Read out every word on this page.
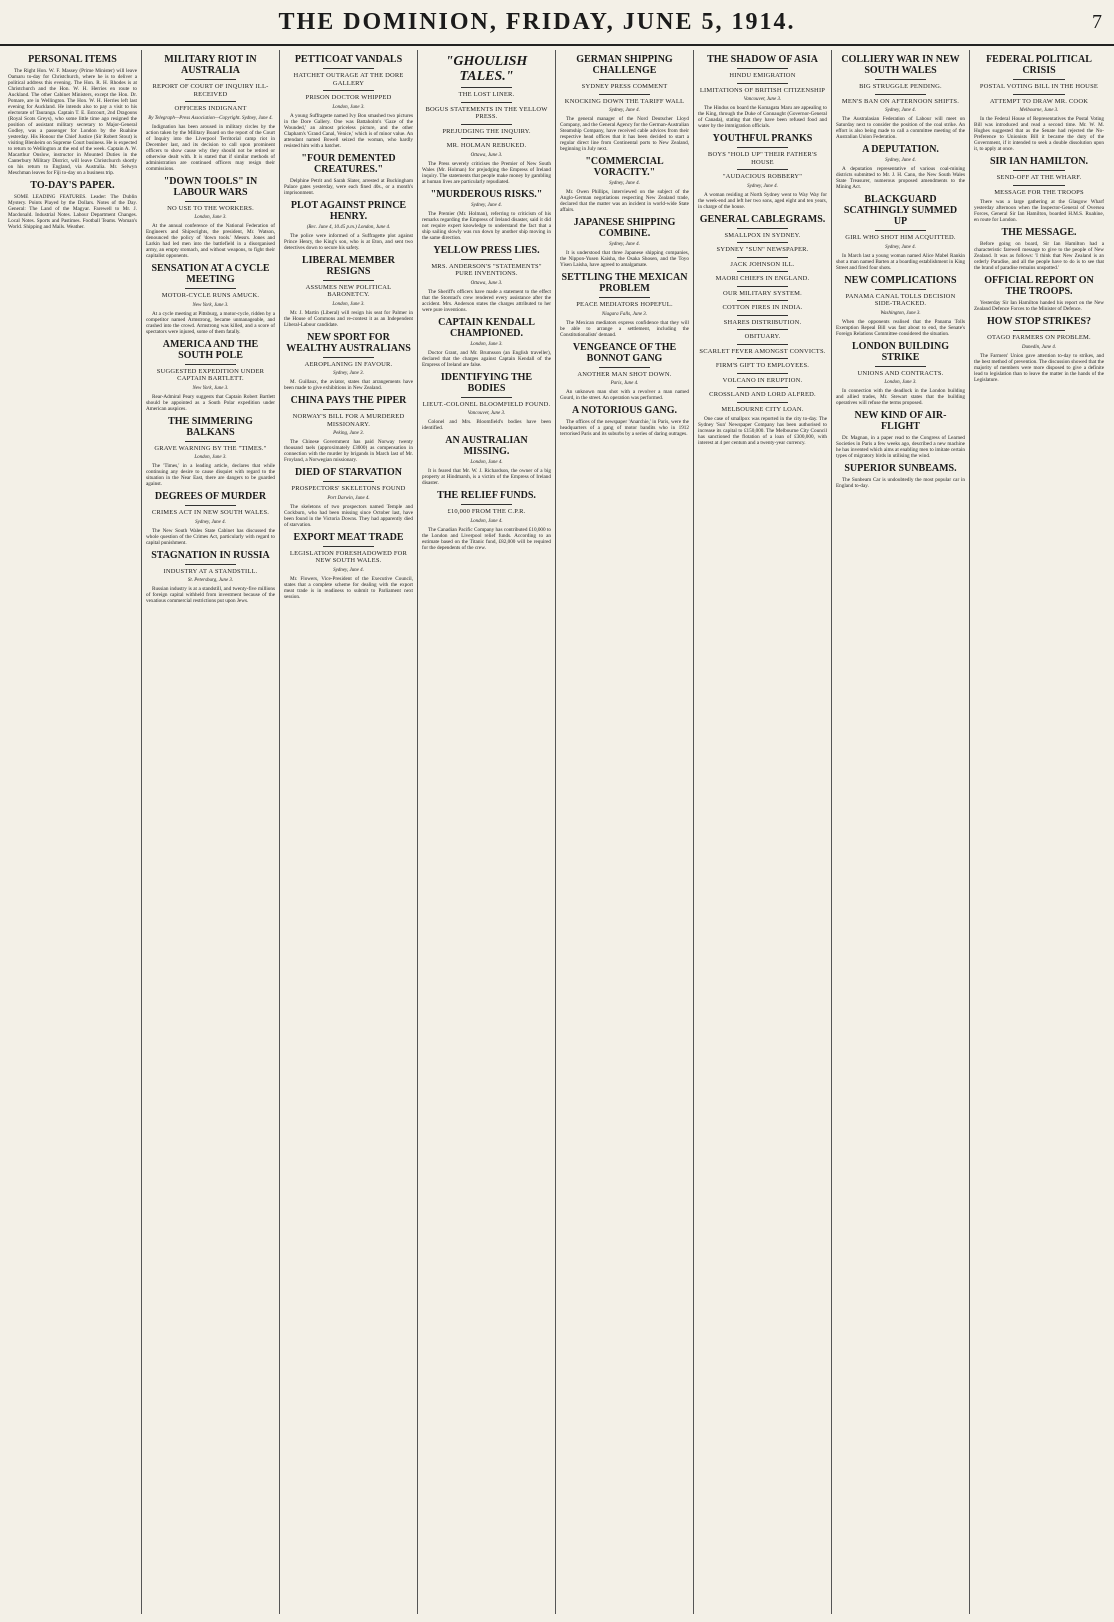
THE DOMINION, FRIDAY, JUNE 5, 1914.	7
PERSONAL ITEMS

The Right Hon. W. F. Massey (Prime Minister) will leave Oamaru to-day for Christchurch, where he is to deliver a political address this evening. The Hon. R. H. Rhodes is at Christchurch and the Hon. W. H. Herries en route to Auckland. The other Cabinet Ministers, except the Hon. Dr. Pomare, are in Wellington. The Hon. W. H. Herries left last evening for Auckland. He intends also to pay a visit to his electorate of Tauranga. Captain T. E. Estcourt, 2nd Dragoons (Royal Scots Greys), who some little time ago resigned the position of assistant military secretary to Major-General Godley, was a passenger for London by the Ruahine yesterday. His Honour the Chief Justice (Sir Robert Stout) is visiting Blenheim on Supreme Court business. He is expected to return to Wellington at the end of the week. Captain A. W. Macarthur Onslow, instructor in Mounted Duties in the Canterbury Military District, will leave Christchurch shortly on his return to England, via Australia. Mr. Selwyn Meschman leaves for Fiji to-day on a business trip.

TO-DAY'S PAPER.

SOME LEADING FEATURES. Leader: The Dublin Mystery. Points Played by the Dollars. Notes of the Day. General: The Land of the Magyar. Farewell to Mr. J. Macdonald. Industrial Notes. Labour Department Changes. Local Notes. Sports and Pastimes. Football Teams. Woman's World. Shipping and Mails. Weather.

MILITARY RIOT IN AUSTRALIA
REPORT OF COURT OF INQUIRY ILL-RECEIVED
OFFICERS INDIGNANT
By Telegraph—Press Association—Copyright. Sydney, June 4.

Indignation has been aroused in military circles by the action taken by the Military Board on the report of the Court of Inquiry into the Liverpool Territorial camp riot in December last, and its decision to call upon prominent officers to show cause why they should not be retired or otherwise dealt with. It is stated that if similar methods of administration are continued officers may resign their commissions.

"DOWN TOOLS" IN LABOUR WARS
NO USE TO THE WORKERS.
London, June 3.

At the annual conference of the National Federation of Engineers and Shipwrights, the president, Mr. Watson, denounced the policy of 'down tools.' Messrs. Jones and Larkin had led men into the battlefield in a disorganised army, an empty stomach, and without weapons, to fight their capitalist opponents.

SENSATION AT A CYCLE MEETING
MOTOR-CYCLE RUNS AMUCK.
New York, June 3.

At a cycle meeting at Pittsburg, a motor-cycle, ridden by a competitor named Armstrong, became unmanageable, and crashed into the crowd. Armstrong was killed, and a score of spectators were injured, some of them fatally.

AMERICA AND THE SOUTH POLE
SUGGESTED EXPEDITION UNDER CAPTAIN BARTLETT.
New York, June 3.

Rear-Admiral Peary suggests that Captain Robert Bartlett should be appointed as a South Polar expedition under American auspices.

THE SIMMERING BALKANS
GRAVE WARNING BY THE "TIMES."
London, June 3.

The 'Times,' in a leading article, declares that while continuing any desire to cause disquiet with regard to the situation in the Near East, there are dangers to be guarded against.

DEGREES OF MURDER
CRIMES ACT IN NEW SOUTH WALES.
Sydney, June 4.

The New South Wales State Cabinet has discussed the whole question of the Crimes Act, particularly with regard to capital punishment.

STAGNATION IN RUSSIA
INDUSTRY AT A STANDSTILL.
St. Petersburg, June 3.

Russian industry is at a standstill, and twenty-five millions of foreign capital withheld from investment because of the vexatious commercial restrictions put upon Jews.

PETTICOAT VANDALS
HATCHET OUTRAGE AT THE DORE GALLERY
PRISON DOCTOR WHIPPED
London, June 3.

A young Suffragette named Ivy Bon smashed two pictures in the Dore Gallery. One was Battaholm's 'Gaze of the Wounded,' an almost priceless picture, and the other Clapham's 'Grand Canal, Venice,' which is of minor value. An attendant named Bowell seized the woman, who hardly resisted him with a hatchet.

"FOUR DEMENTED CREATURES."

Delphine Petrit and Sarah Slater, arrested at Buckingham Palace gates yesterday, were each fined 40s., or a month's imprisonment.

PLOT AGAINST PRINCE HENRY.
(Rec. June 4, 10.45 p.m.) London, June 4.

The police were informed of a Suffragette plot against Prince Henry, the King's son, who is at Eton, and sent two detectives down to secure his safety.

LIBERAL MEMBER RESIGNS
ASSUMES NEW POLITICAL BARONETCY.
London, June 3.

Mr. J. Martin (Liberal) will resign his seat for Palmer in the House of Commons and re-contest it as an Independent Liberal-Labour candidate.

NEW SPORT FOR WEALTHY AUSTRALIANS
AEROPLANING IN FAVOUR.
Sydney, June 3.

M. Guillaux, the aviator, states that arrangements have been made to give exhibitions in New Zealand.

CHINA PAYS THE PIPER
NORWAY'S BILL FOR A MURDERED MISSIONARY.
Peking, June 3.

The Chinese Government has paid Norway twenty thousand taels (approximately £3000) as compensation in connection with the murder by brigands in March last of Mr. Froyland, a Norwegian missionary.

DIED OF STARVATION
PROSPECTORS' SKELETONS FOUND
Port Darwin, June 4.

The skeletons of two prospectors named Temple and Cockburn, who had been missing since October last, have been found in the Victoria Downs. They had apparently died of starvation.

EXPORT MEAT TRADE
LEGISLATION FORESHADOWED FOR NEW SOUTH WALES.
Sydney, June 4.

Mr. Flowers, Vice-President of the Executive Council, states that a complete scheme for dealing with the export meat trade is in readiness to submit to Parliament next session.

"GHOULISH TALES."
THE LOST LINER.
BOGUS STATEMENTS IN THE YELLOW PRESS.
PREJUDGING THE INQUIRY.
MR. HOLMAN REBUKED.
Ottawa, June 3.

The Press severely criticises the Premier of New South Wales (Mr. Holman) for prejudging the Empress of Ireland inquiry. The statements that people make money by gambling at human lives are particularly repudiated.

"MURDEROUS RISKS."
Sydney, June 4.

The Premier (Mr. Holman), referring to criticism of his remarks regarding the Empress of Ireland disaster, said it did not require expert knowledge to understand the fact that a ship sailing slowly was run down by another ship moving in the same direction.

YELLOW PRESS LIES.
MRS. ANDERSON'S "STATEMENTS" PURE INVENTIONS.
Ottawa, June 3.

The Sheriff's officers have made a statement to the effect that the Storstad's crew rendered every assistance after the accident. Mrs. Anderson states the charges attributed to her were pure inventions.

CAPTAIN KENDALL CHAMPIONED.
London, June 3.

Doctor Grant, and Mr. Brumsson (an English traveller), declared that the charges against Captain Kendall of the Empress of Ireland are false.

IDENTIFYING THE BODIES
LIEUT.-COLONEL BLOOMFIELD FOUND.
Vancouver, June 3.

Colonel and Mrs. Bloomfield's bodies have been identified.

AN AUSTRALIAN MISSING.
London, June 4.

It is feared that Mr. W. J. Richardson, the owner of a big property at Hindmarsh, is a victim of the Empress of Ireland disaster.

THE RELIEF FUNDS.
£10,000 FROM THE C.P.R.
London, June 4.

The Canadian Pacific Company has contributed £10,000 to the London and Liverpool relief funds. According to an estimate based on the Titanic fund, £82,000 will be required for the dependents of the crew.

GERMAN SHIPPING CHALLENGE
SYDNEY PRESS COMMENT
KNOCKING DOWN THE TARIFF WALL
Sydney, June 4.

The general manager of the Nord Deutscher Lloyd Company, and the General Agency for the German-Australian Steamship Company, have received cable advices from their respective head offices that it has been decided to start a regular direct line from Continental ports to New Zealand, beginning in July next.

"COMMERCIAL VORACITY."
Sydney, June 4.

Mr. Owen Phillips, interviewed on the subject of the Anglo-German negotiations respecting New Zealand trade, declared that the matter was an incident in world-wide State affairs.

JAPANESE SHIPPING COMBINE.
Sydney, June 4.

It is understood that three Japanese shipping companies, the Nippon-Yusen Kaisha, the Osaka Shosen, and the Toyo Yisen Laisha, have agreed to amalgamate.

SETTLING THE MEXICAN PROBLEM
PEACE MEDIATORS HOPEFUL.
Niagara Falls, June 3.

The Mexican mediators express confidence that they will be able to arrange a settlement, including the Constitutionalists' demand.

VENGEANCE OF THE BONNOT GANG
ANOTHER MAN SHOT DOWN.
Paris, June 4.

An unknown man shot with a revolver a man named Gourd, in the street. An operation was performed.

A NOTORIOUS GANG.

The offices of the newspaper 'Anarchie,' in Paris, were the headquarters of a gang of motor bandits who in 1912 terrorised Paris and its suburbs by a series of daring outrages.

THE SHADOW OF ASIA
HINDU EMIGRATION
LIMITATIONS OF BRITISH CITIZENSHIP
Vancouver, June 3.

The Hindus on board the Komagata Maru are appealing to the King, through the Duke of Connaught (Governor-General of Canada), stating that they have been refused food and water by the immigration officials.

YOUTHFUL PRANKS
BOYS "HOLD UP" THEIR FATHER'S HOUSE
"AUDACIOUS ROBBERY"
Sydney, June 4.

A woman residing at North Sydney went to Way Way for the week-end and left her two sons, aged eight and ten years, in charge of the house.

GENERAL CABLEGRAMS.
SMALLPOX IN SYDNEY.
SYDNEY "SUN" NEWSPAPER.
JACK JOHNSON ILL.
MAORI CHIEFS IN ENGLAND.
OUR MILITARY SYSTEM.
COTTON FIRES IN INDIA.
SHARES DISTRIBUTION.
OBITUARY.
SCARLET FEVER AMONGST CONVICTS.
FIRM'S GIFT TO EMPLOYEES.
VOLCANO IN ERUPTION.
CROSSLAND AND LORD ALFRED.
MELBOURNE CITY LOAN.

One case of smallpox was reported in the city to-day. The Sydney 'Sun' Newspaper Company has been authorised to increase its capital to £150,000. The Melbourne City Council has sanctioned the flotation of a loan of £300,000, with interest at 4 per centum and a twenty-year currency.

COLLIERY WAR IN NEW SOUTH WALES
BIG STRUGGLE PENDING.
MEN'S BAN ON AFTERNOON SHIFTS.
Sydney, June 4.

The Australasian Federation of Labour will meet on Saturday next to consider the position of the coal strike. An effort is also being made to call a committee meeting of the Australian Union Federation.

A DEPUTATION.
Sydney, June 4.

A deputation representative of various coal-mining districts submitted to Mr. J. H. Cann, the New South Wales State Treasurer, numerous proposed amendments to the Mining Act.

BLACKGUARD SCATHINGLY SUMMED UP
GIRL WHO SHOT HIM ACQUITTED.
Sydney, June 4.

In March last a young woman named Alice Mabel Rankin shot a man named Barten at a boarding establishment in King Street and fired four shots.

NEW COMPLICATIONS
PANAMA CANAL TOLLS DECISION SIDE-TRACKED.
Washington, June 3.

When the opponents realised that the Panama Tolls Exemption Repeal Bill was fast about to end, the Senate's Foreign Relations Committee considered the situation.

LONDON BUILDING STRIKE
UNIONS AND CONTRACTS.
London, June 3.

In connection with the deadlock in the London building and allied trades, Mr. Stewart states that the building operatives will refuse the terms proposed.

NEW KIND OF AIR-FLIGHT

Dr. Magnan, in a paper read to the Congress of Learned Societies in Paris a few weeks ago, described a new machine he has invented which aims at enabling men to imitate certain types of migratory birds in utilising the wind.

SUPERIOR SUNBEAMS.

The Sunbeam Car is undoubtedly the most popular car in England to-day.

FEDERAL POLITICAL CRISIS
POSTAL VOTING BILL IN THE HOUSE
ATTEMPT TO DRAW MR. COOK
Melbourne, June 3.

In the Federal House of Representatives the Postal Voting Bill was introduced and read a second time. Mr. W. M. Hughes suggested that as the Senate had rejected the No-Preference to Unionists Bill it became the duty of the Government, if it intended to seek a double dissolution upon it, to apply at once.

SIR IAN HAMILTON.
SEND-OFF AT THE WHARF.
MESSAGE FOR THE TROOPS

There was a large gathering at the Glasgow Wharf yesterday afternoon when the Inspector-General of Oversea Forces, General Sir Ian Hamilton, boarded H.M.S. Ruahine, en route for London.

THE MESSAGE.

Before going on board, Sir Ian Hamilton had a characteristic farewell message to give to the people of New Zealand. It was as follows: 'I think that New Zealand is an orderly Paradise, and all the people have to do is to see that the brand of paradise remains unspotted.'

OFFICIAL REPORT ON THE TROOPS.

Yesterday Sir Ian Hamilton handed his report on the New Zealand Defence Forces to the Minister of Defence.

HOW STOP STRIKES?
OTAGO FARMERS ON PROBLEM.
Dunedin, June 4.

The Farmers' Union gave attention to-day to strikes, and the best method of prevention. The discussion showed that the majority of members were more disposed to give a definite lead to legislation than to leave the matter in the hands of the Legislature.
